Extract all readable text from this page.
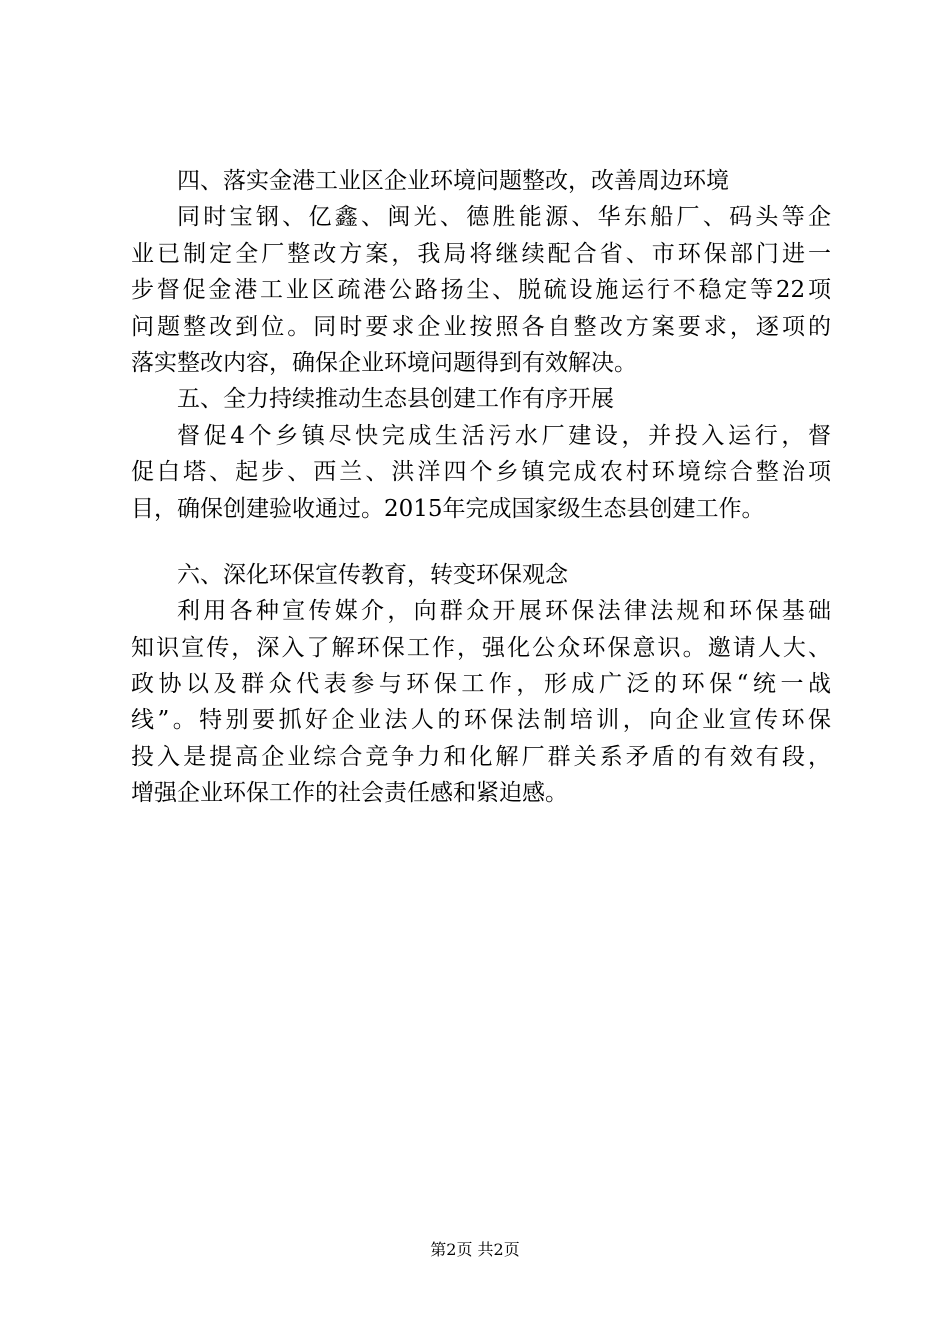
四、落实金港工业区企业环境问题整改，改善周边环境
同时宝钢、亿鑫、闽光、德胜能源、华东船厂、码头等企
业已制定全厂整改方案，我局将继续配合省、市环保部门进一
步督促金港工业区疏港公路扬尘、脱硫设施运行不稳定等22项
问题整改到位。同时要求企业按照各自整改方案要求，逐项的
落实整改内容，确保企业环境问题得到有效解决。
五、全力持续推动生态县创建工作有序开展
督促4个乡镇尽快完成生活污水厂建设，并投入运行，督
促白塔、起步、西兰、洪洋四个乡镇完成农村环境综合整治项
目，确保创建验收通过。2015年完成国家级生态县创建工作。
六、深化环保宣传教育，转变环保观念
利用各种宣传媒介，向群众开展环保法律法规和环保基础
知识宣传，深入了解环保工作，强化公众环保意识。邀请人大、
政协以及群众代表参与环保工作，形成广泛的环保“统一战
线”。特别要抓好企业法人的环保法制培训，向企业宣传环保
投入是提高企业综合竞争力和化解厂群关系矛盾的有效有段，
增强企业环保工作的社会责任感和紧迫感。
第2页 共2页
